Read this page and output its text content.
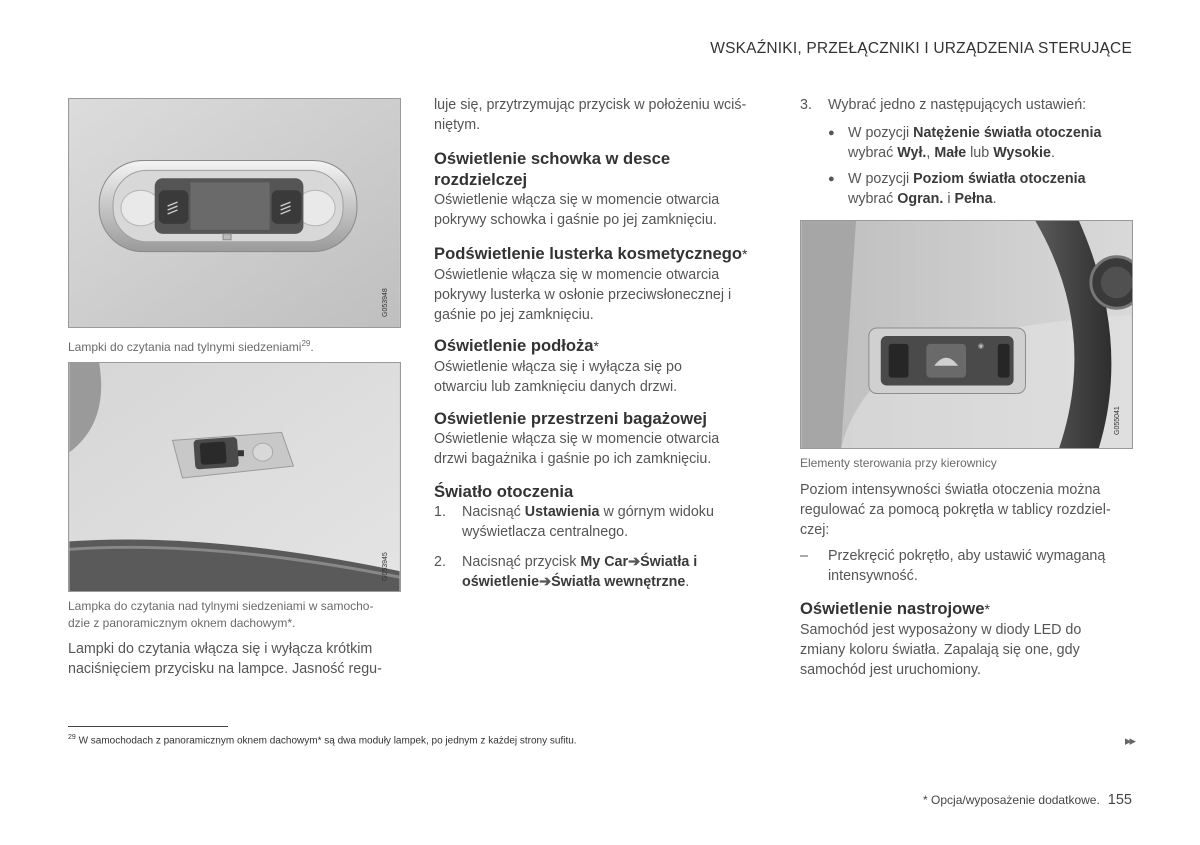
WSKAŹNIKI, PRZEŁĄCZNIKI I URZĄDZENIA STERUJĄCE
G053948
Lampki do czytania nad tylnymi siedzeniami$^{29}$.
G053945
Lampka do czytania nad tylnymi siedzeniami w samocho-
dzie z panoramicznym oknem dachowym*.
Lampki do czytania włącza się i wyłącza krótkim
naciśnięciem przycisku na lampce. Jasność regu-
luje się, przytrzymując przycisk w położeniu wciś-
niętym.
Oświetlenie schowka w desce
rozdzielczej
Oświetlenie włącza się w momencie otwarcia
pokrywy schowka i gaśnie po jej zamknięciu.
Podświetlenie lusterka kosmetycznego*
Oświetlenie włącza się w momencie otwarcia
pokrywy lusterka w osłonie przeciwsłonecznej i
gaśnie po jej zamknięciu.
Oświetlenie podłoża*
Oświetlenie włącza się i wyłącza się po
otwarciu lub zamknięciu danych drzwi.
Oświetlenie przestrzeni bagażowej
Oświetlenie włącza się w momencie otwarcia
drzwi bagażnika i gaśnie po ich zamknięciu.
Światło otoczenia
1. Nacisnąć Ustawienia w górnym widoku
wyświetlacza centralnego.
2. Nacisnąć przycisk My Car➔Światła i
oświetlenie➔Światła wewnętrzne.
3. Wybrać jedno z następujących ustawień:
● W pozycji Natężenie światła otoczenia
wybrać Wył., Małe lub Wysokie.
● W pozycji Poziom światła otoczenia
wybrać Ogran. i Pełna.
◉
G055041
Elementy sterowania przy kierownicy
Poziom intensywności światła otoczenia można
regulować za pomocą pokrętła w tablicy rozdziel-
czej:
– Przekręcić pokrętło, aby ustawić wymaganą
intensywność.
Oświetlenie nastrojowe*
Samochód jest wyposażony w diody LED do
zmiany koloru światła. Zapalają się one, gdy
samochód jest uruchomiony.
$^{29}$ W samochodach z panoramicznym oknem dachowym* są dwa moduły lampek, po jednym z każdej strony sufitu.	▸▸
* Opcja/wyposażenie dodatkowe. 155
